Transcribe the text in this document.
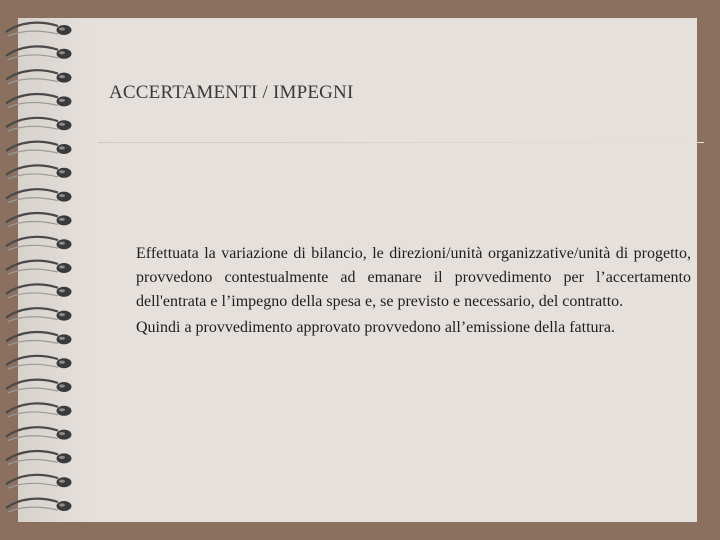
ACCERTAMENTI / IMPEGNI

Effettuata la variazione di bilancio, le direzioni/unità organizzative/unità di progetto, provvedono contestualmente ad emanare il provvedimento per l’accertamento dell'entrata e l’impegno della spesa e, se previsto e necessario, del contratto.

Quindi a provvedimento approvato provvedono all’emissione della fattura.
